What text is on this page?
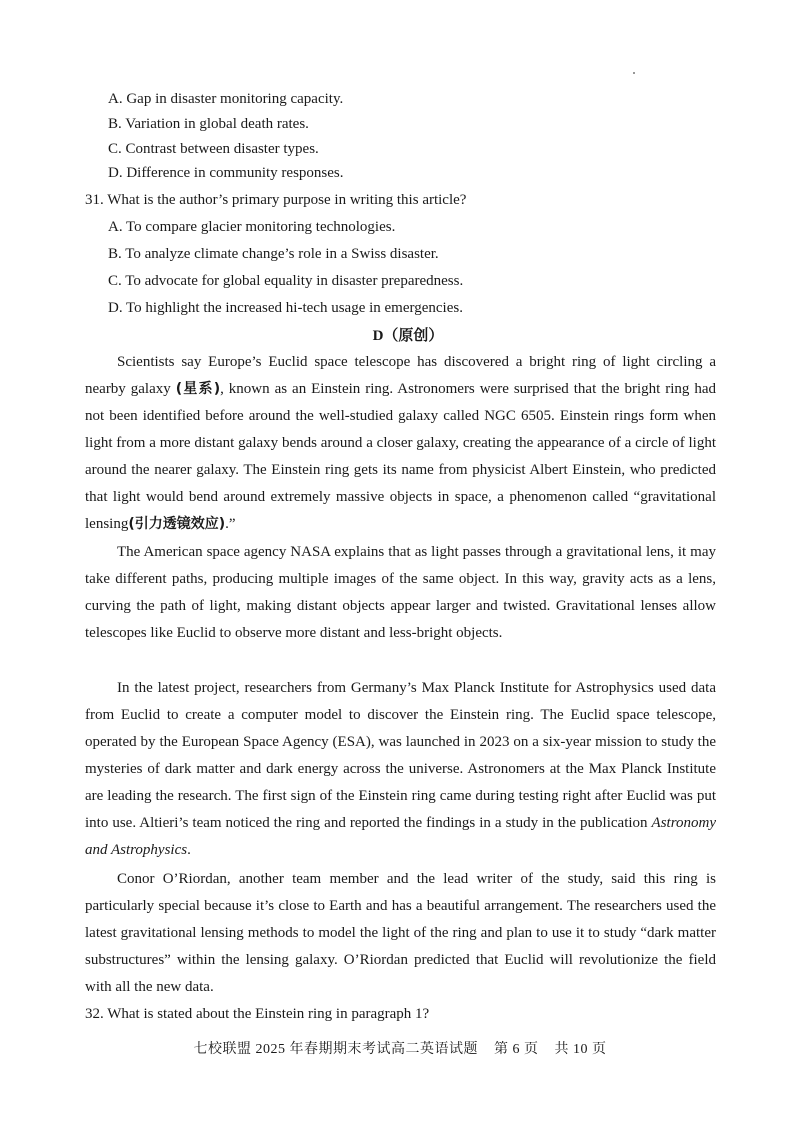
A. Gap in disaster monitoring capacity.
B. Variation in global death rates.
C. Contrast between disaster types.
D. Difference in community responses.
31. What is the author’s primary purpose in writing this article?
A. To compare glacier monitoring technologies.
B. To analyze climate change’s role in a Swiss disaster.
C. To advocate for global equality in disaster preparedness.
D. To highlight the increased hi-tech usage in emergencies.
D（原创）

Scientists say Europe’s Euclid space telescope has discovered a bright ring of light circling a nearby galaxy (星系), known as an Einstein ring. Astronomers were surprised that the bright ring had not been identified before around the well-studied galaxy called NGC 6505. Einstein rings form when light from a more distant galaxy bends around a closer galaxy, creating the appearance of a circle of light around the nearer galaxy. The Einstein ring gets its name from physicist Albert Einstein, who predicted that light would bend around extremely massive objects in space, a phenomenon called “gravitational lensing(引力透镜效应).”

The American space agency NASA explains that as light passes through a gravitational lens, it may take different paths, producing multiple images of the same object. In this way, gravity acts as a lens, curving the path of light, making distant objects appear larger and twisted. Gravitational lenses allow telescopes like Euclid to observe more distant and less-bright objects.

In the latest project, researchers from Germany’s Max Planck Institute for Astrophysics used data from Euclid to create a computer model to discover the Einstein ring. The Euclid space telescope, operated by the European Space Agency (ESA), was launched in 2023 on a six-year mission to study the mysteries of dark matter and dark energy across the universe. Astronomers at the Max Planck Institute are leading the research. The first sign of the Einstein ring came during testing right after Euclid was put into use. Altieri’s team noticed the ring and reported the findings in a study in the publication Astronomy and Astrophysics.

Conor O’Riordan, another team member and the lead writer of the study, said this ring is particularly special because it’s close to Earth and has a beautiful arrangement. The researchers used the latest gravitational lensing methods to model the light of the ring and plan to use it to study “dark matter substructures” within the lensing galaxy. O’Riordan predicted that Euclid will revolutionize the field with all the new data.

32. What is stated about the Einstein ring in paragraph 1?
七校联盟 2025 年春期期末考试高二英语试题 第 6 页 共 10 页
